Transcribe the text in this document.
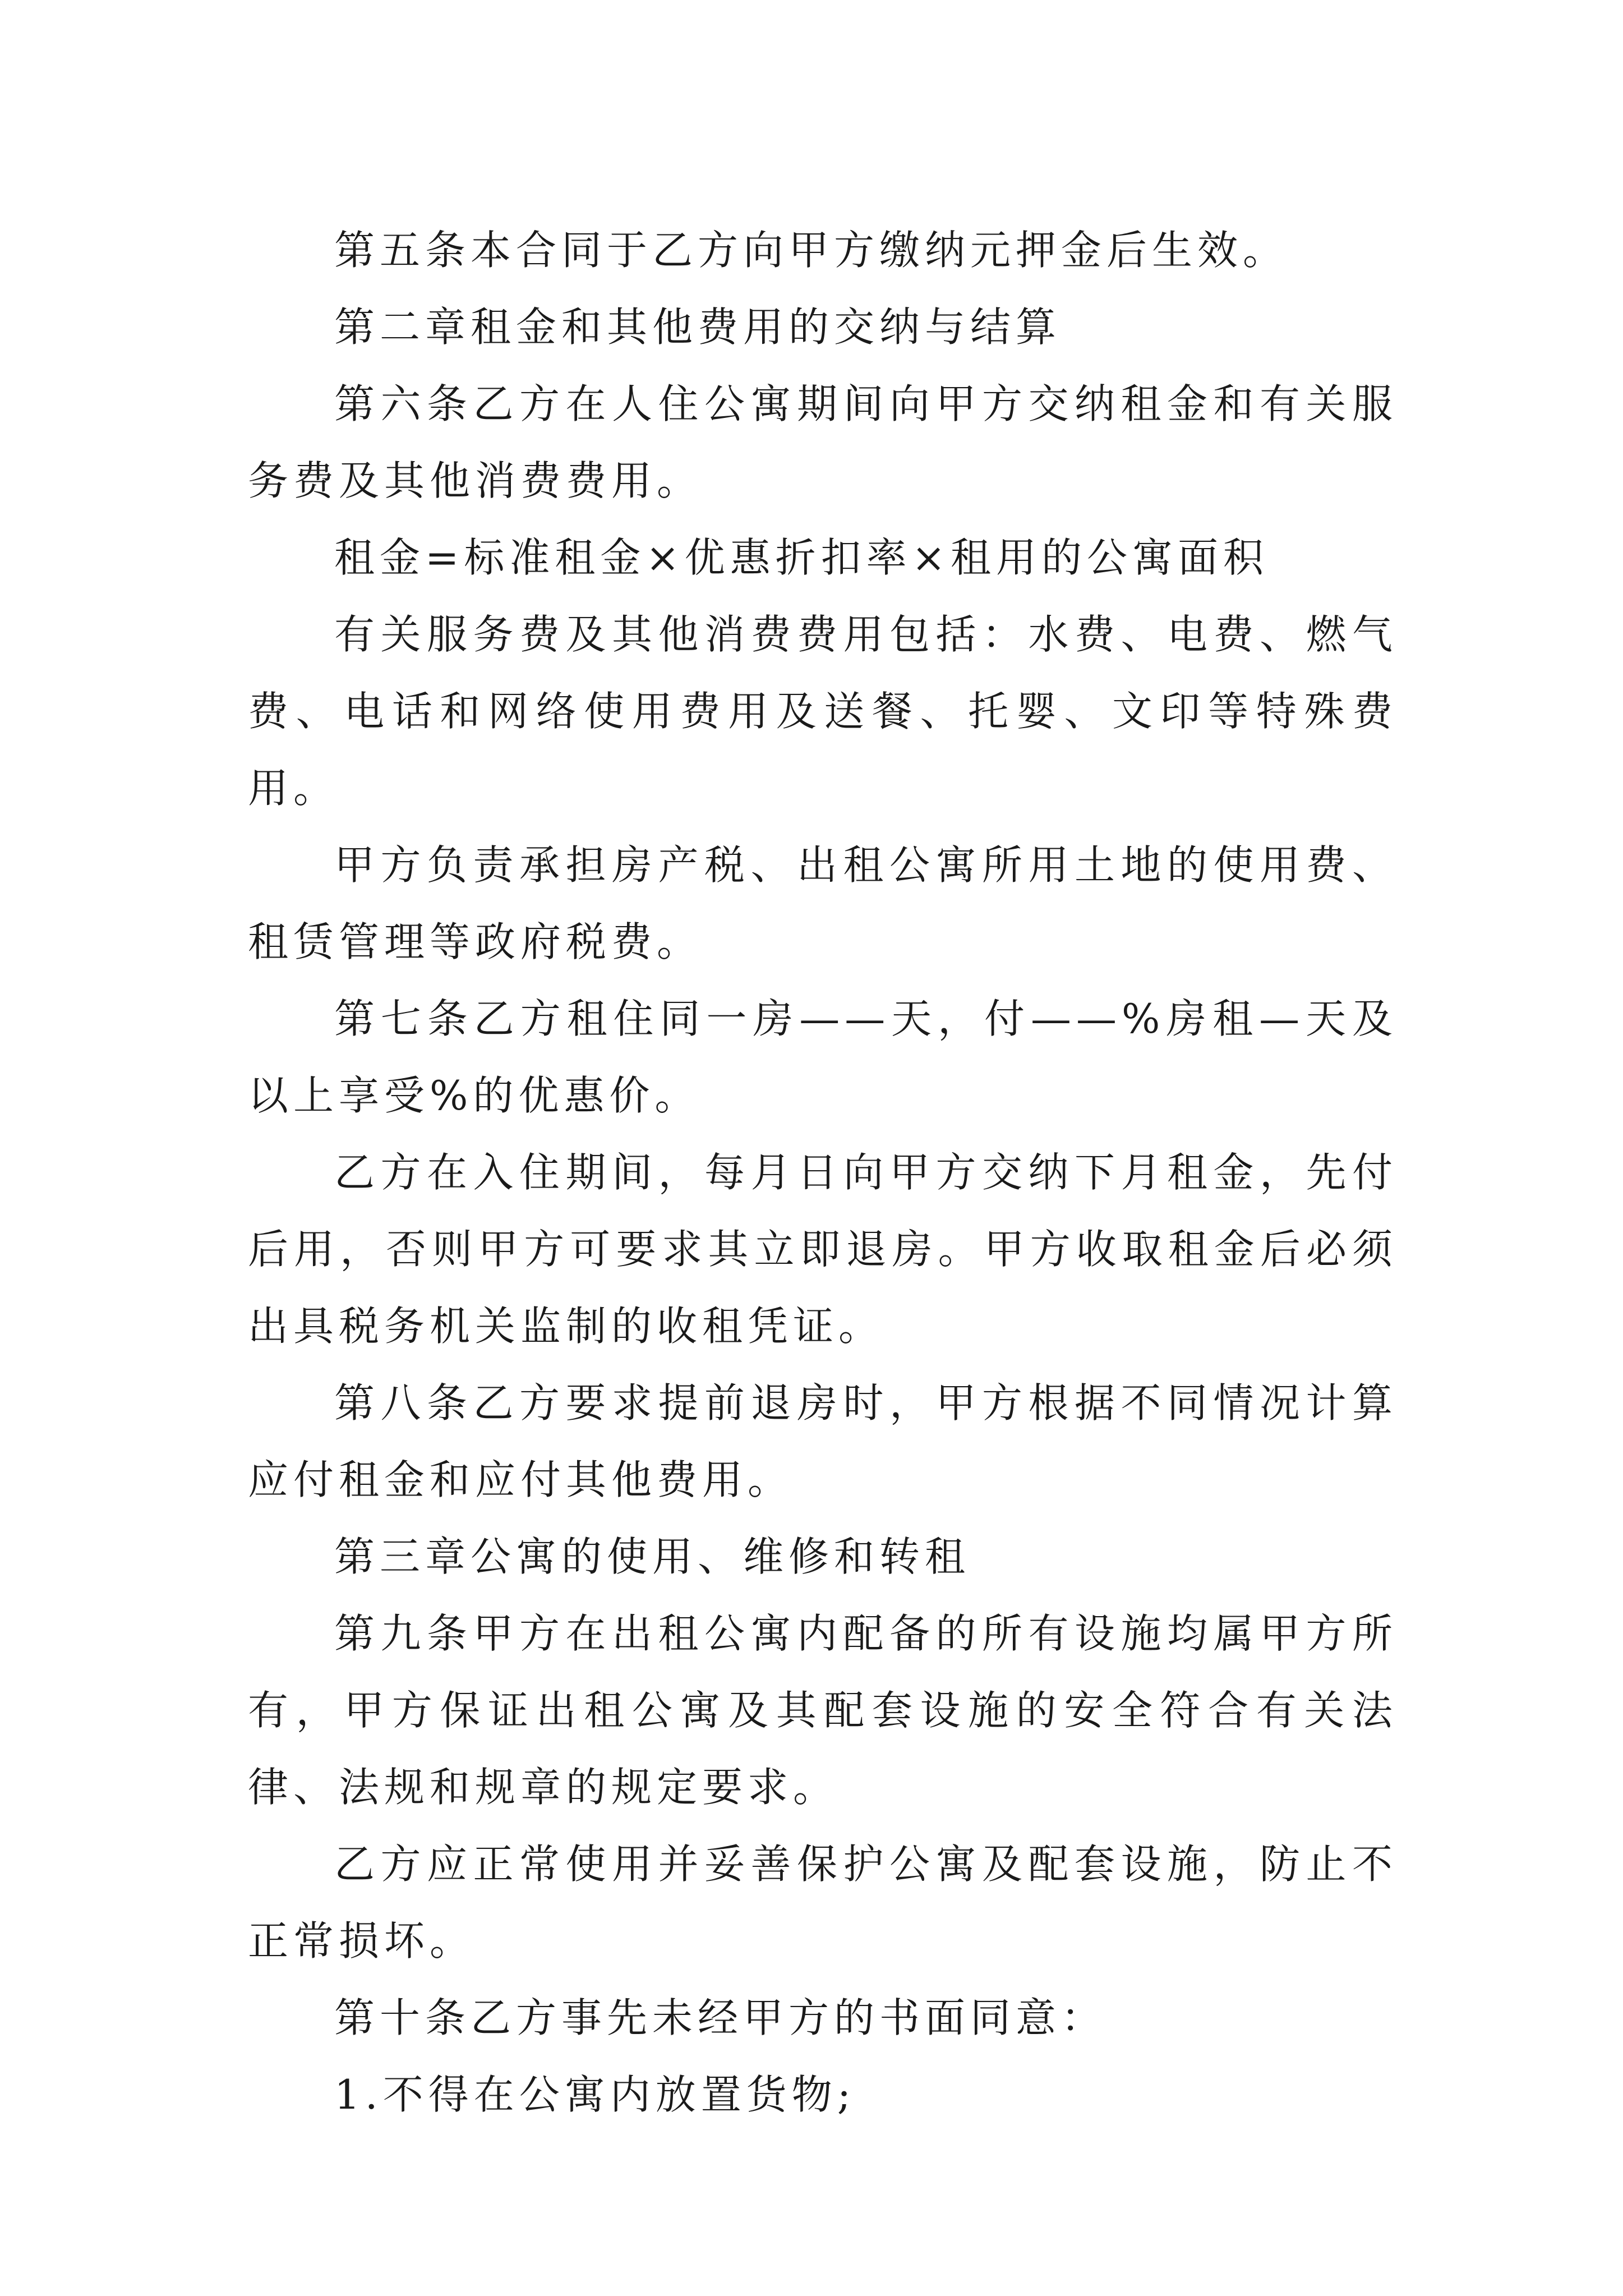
第五条本合同于乙方向甲方缴纳元押金后生效。

第二章租金和其他费用的交纳与结算

第六条乙方在人住公寓期间向甲方交纳租金和有关服务费及其他消费费用。

租金=标准租金×优惠折扣率×租用的公寓面积

有关服务费及其他消费费用包括：水费、电费、燃气费、电话和网络使用费用及送餐、托婴、文印等特殊费用。

甲方负责承担房产税、出租公寓所用土地的使用费、租赁管理等政府税费。

第七条乙方租住同一房——天，付——%房租—天及以上享受%的优惠价。

乙方在入住期间，每月日向甲方交纳下月租金，先付后用，否则甲方可要求其立即退房。甲方收取租金后必须出具税务机关监制的收租凭证。

第八条乙方要求提前退房时，甲方根据不同情况计算应付租金和应付其他费用。

第三章公寓的使用、维修和转租

第九条甲方在出租公寓内配备的所有设施均属甲方所有，甲方保证出租公寓及其配套设施的安全符合有关法律、法规和规章的规定要求。

乙方应正常使用并妥善保护公寓及配套设施，防止不正常损坏。

第十条乙方事先未经甲方的书面同意：

1.不得在公寓内放置货物;
